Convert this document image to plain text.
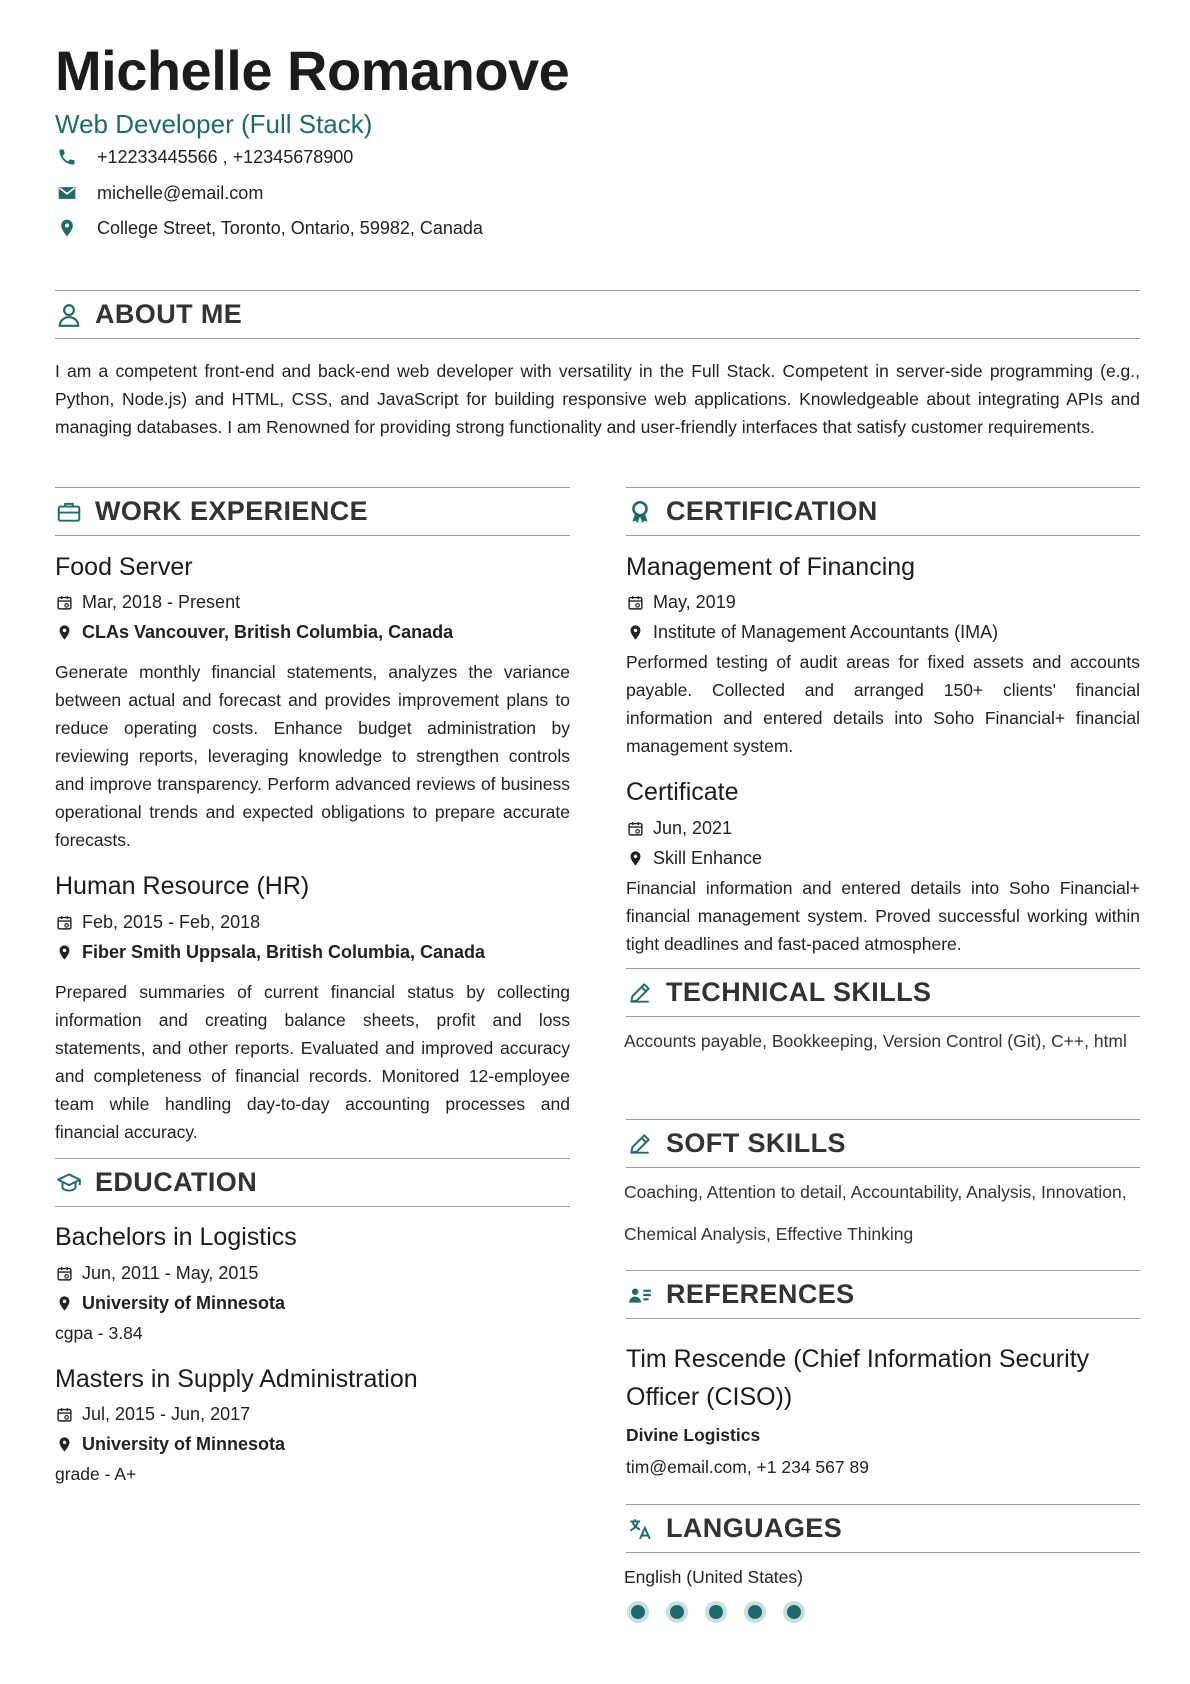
Michelle Romanove
Web Developer (Full Stack)
+12233445566 , +12345678900
michelle@email.com
College Street, Toronto, Ontario, 59982, Canada
ABOUT ME
I am a competent front-end and back-end web developer with versatility in the Full Stack. Competent in server-side programming (e.g., Python, Node.js) and HTML, CSS, and JavaScript for building responsive web applications. Knowledgeable about integrating APIs and managing databases. I am Renowned for providing strong functionality and user-friendly interfaces that satisfy customer requirements.
WORK EXPERIENCE
Food Server
Mar, 2018 - Present
CLAs Vancouver, British Columbia, Canada
Generate monthly financial statements, analyzes the variance between actual and forecast and provides improvement plans to reduce operating costs. Enhance budget administration by reviewing reports, leveraging knowledge to strengthen controls and improve transparency. Perform advanced reviews of business operational trends and expected obligations to prepare accurate forecasts.
Human Resource (HR)
Feb, 2015 - Feb, 2018
Fiber Smith Uppsala, British Columbia, Canada
Prepared summaries of current financial status by collecting information and creating balance sheets, profit and loss statements, and other reports. Evaluated and improved accuracy and completeness of financial records. Monitored 12-employee team while handling day-to-day accounting processes and financial accuracy.
EDUCATION
Bachelors in Logistics
Jun, 2011 - May, 2015
University of Minnesota
cgpa - 3.84
Masters in Supply Administration
Jul, 2015 - Jun, 2017
University of Minnesota
grade - A+
CERTIFICATION
Management of Financing
May, 2019
Institute of Management Accountants (IMA)
Performed testing of audit areas for fixed assets and accounts payable. Collected and arranged 150+ clients' financial information and entered details into Soho Financial+ financial management system.
Certificate
Jun, 2021
Skill Enhance
Financial information and entered details into Soho Financial+ financial management system. Proved successful working within tight deadlines and fast-paced atmosphere.
TECHNICAL SKILLS
Accounts payable, Bookkeeping, Version Control (Git), C++, html
SOFT SKILLS
Coaching, Attention to detail, Accountability, Analysis, Innovation, Chemical Analysis, Effective Thinking
REFERENCES
Tim Rescende (Chief Information Security Officer (CISO))
Divine Logistics
tim@email.com, +1 234 567 89
LANGUAGES
English (United States)
